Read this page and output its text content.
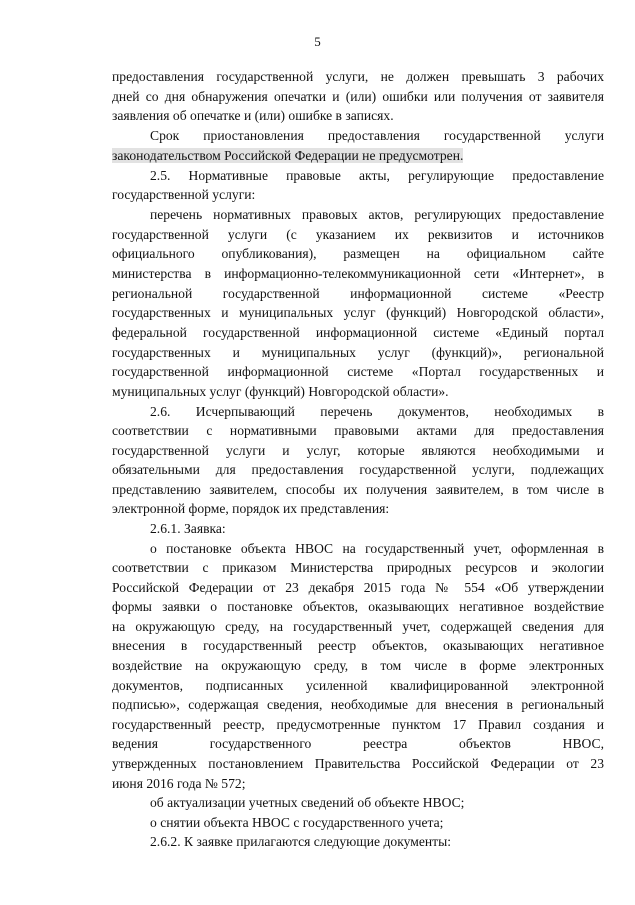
5
предоставления государственной услуги, не должен превышать 3 рабочих
дней со дня обнаружения опечатки и (или) ошибки или получения от заявителя
заявления об опечатке и (или) ошибке в записях.
Срок приостановления предоставления государственной услуги
законодательством Российской Федерации не предусмотрен.
2.5. Нормативные правовые акты, регулирующие предоставление
государственной услуги:
перечень нормативных правовых актов, регулирующих предоставление
государственной услуги (с указанием их реквизитов и источников
официального опубликования), размещен на официальном сайте
министерства в информационно-телекоммуникационной сети «Интернет», в
региональной государственной информационной системе «Реестр
государственных и муниципальных услуг (функций) Новгородской области»,
федеральной государственной информационной системе «Единый портал
государственных и муниципальных услуг (функций)», региональной
государственной информационной системе «Портал государственных и
муниципальных услуг (функций) Новгородской области».
2.6. Исчерпывающий перечень документов, необходимых в
соответствии с нормативными правовыми актами для предоставления
государственной услуги и услуг, которые являются необходимыми и
обязательными для предоставления государственной услуги, подлежащих
представлению заявителем, способы их получения заявителем, в том числе в
электронной форме, порядок их представления:
2.6.1. Заявка:
о постановке объекта НВОС на государственный учет, оформленная в
соответствии с приказом Министерства природных ресурсов и экологии
Российской Федерации от 23 декабря 2015 года № 554 «Об утверждении
формы заявки о постановке объектов, оказывающих негативное воздействие
на окружающую среду, на государственный учет, содержащей сведения для
внесения в государственный реестр объектов, оказывающих негативное
воздействие на окружающую среду, в том числе в форме электронных
документов, подписанных усиленной квалифицированной электронной
подписью», содержащая сведения, необходимые для внесения в региональный
государственный реестр, предусмотренные пунктом 17 Правил создания и
ведения государственного реестра объектов НВОС,
утвержденных постановлением Правительства Российской Федерации от 23
июня 2016 года № 572;
об актуализации учетных сведений об объекте НВОС;
о снятии объекта НВОС с государственного учета;
2.6.2. К заявке прилагаются следующие документы:
